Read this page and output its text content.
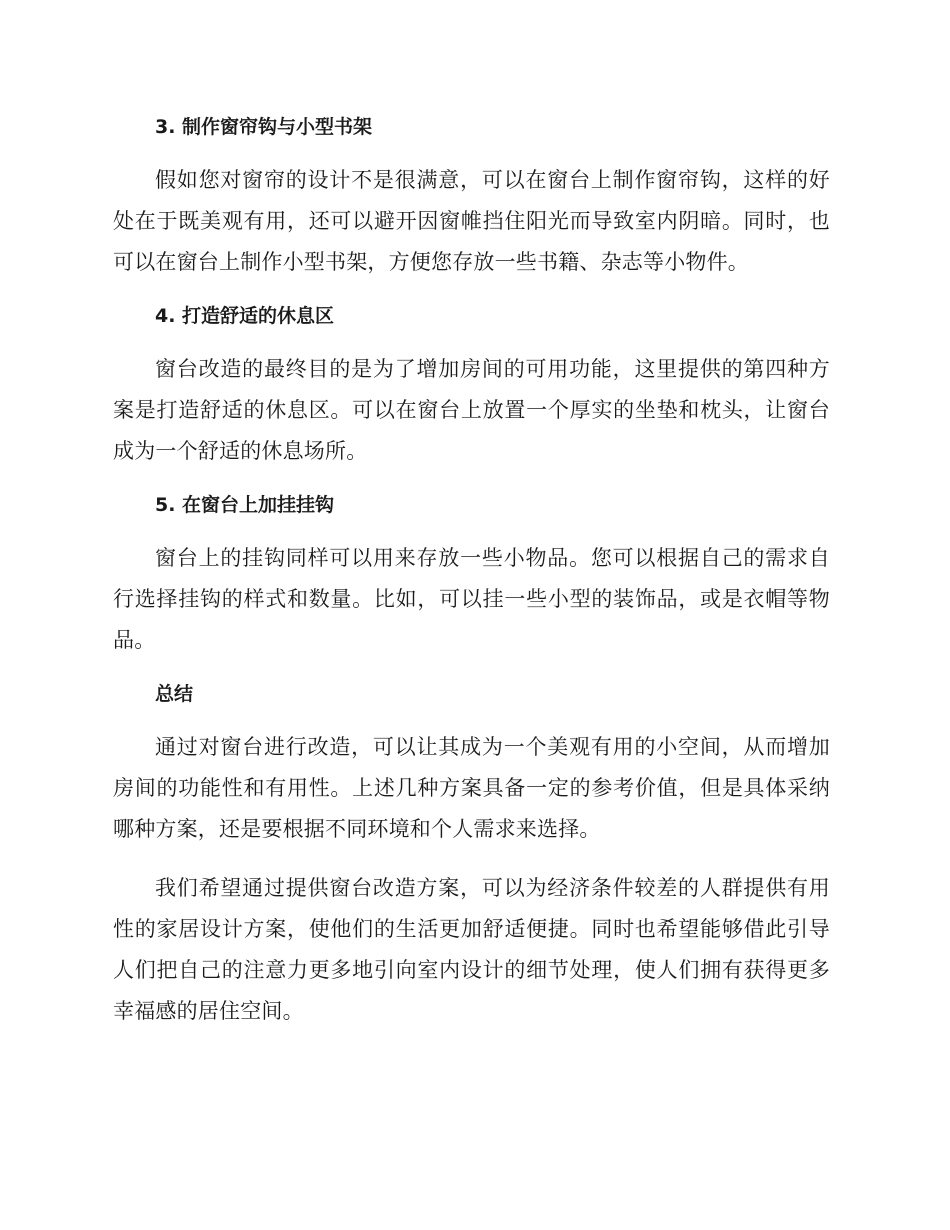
3. 制作窗帘钩与小型书架

假如您对窗帘的设计不是很满意，可以在窗台上制作窗帘钩，这样的好处在于既美观有用，还可以避开因窗帷挡住阳光而导致室内阴暗。同时，也可以在窗台上制作小型书架，方便您存放一些书籍、杂志等小物件。

4. 打造舒适的休息区

窗台改造的最终目的是为了增加房间的可用功能，这里提供的第四种方案是打造舒适的休息区。可以在窗台上放置一个厚实的坐垫和枕头，让窗台成为一个舒适的休息场所。

5. 在窗台上加挂挂钩

窗台上的挂钩同样可以用来存放一些小物品。您可以根据自己的需求自行选择挂钩的样式和数量。比如，可以挂一些小型的装饰品，或是衣帽等物品。

总结

通过对窗台进行改造，可以让其成为一个美观有用的小空间，从而增加房间的功能性和有用性。上述几种方案具备一定的参考价值，但是具体采纳哪种方案，还是要根据不同环境和个人需求来选择。

我们希望通过提供窗台改造方案，可以为经济条件较差的人群提供有用性的家居设计方案，使他们的生活更加舒适便捷。同时也希望能够借此引导人们把自己的注意力更多地引向室内设计的细节处理，使人们拥有获得更多幸福感的居住空间。
